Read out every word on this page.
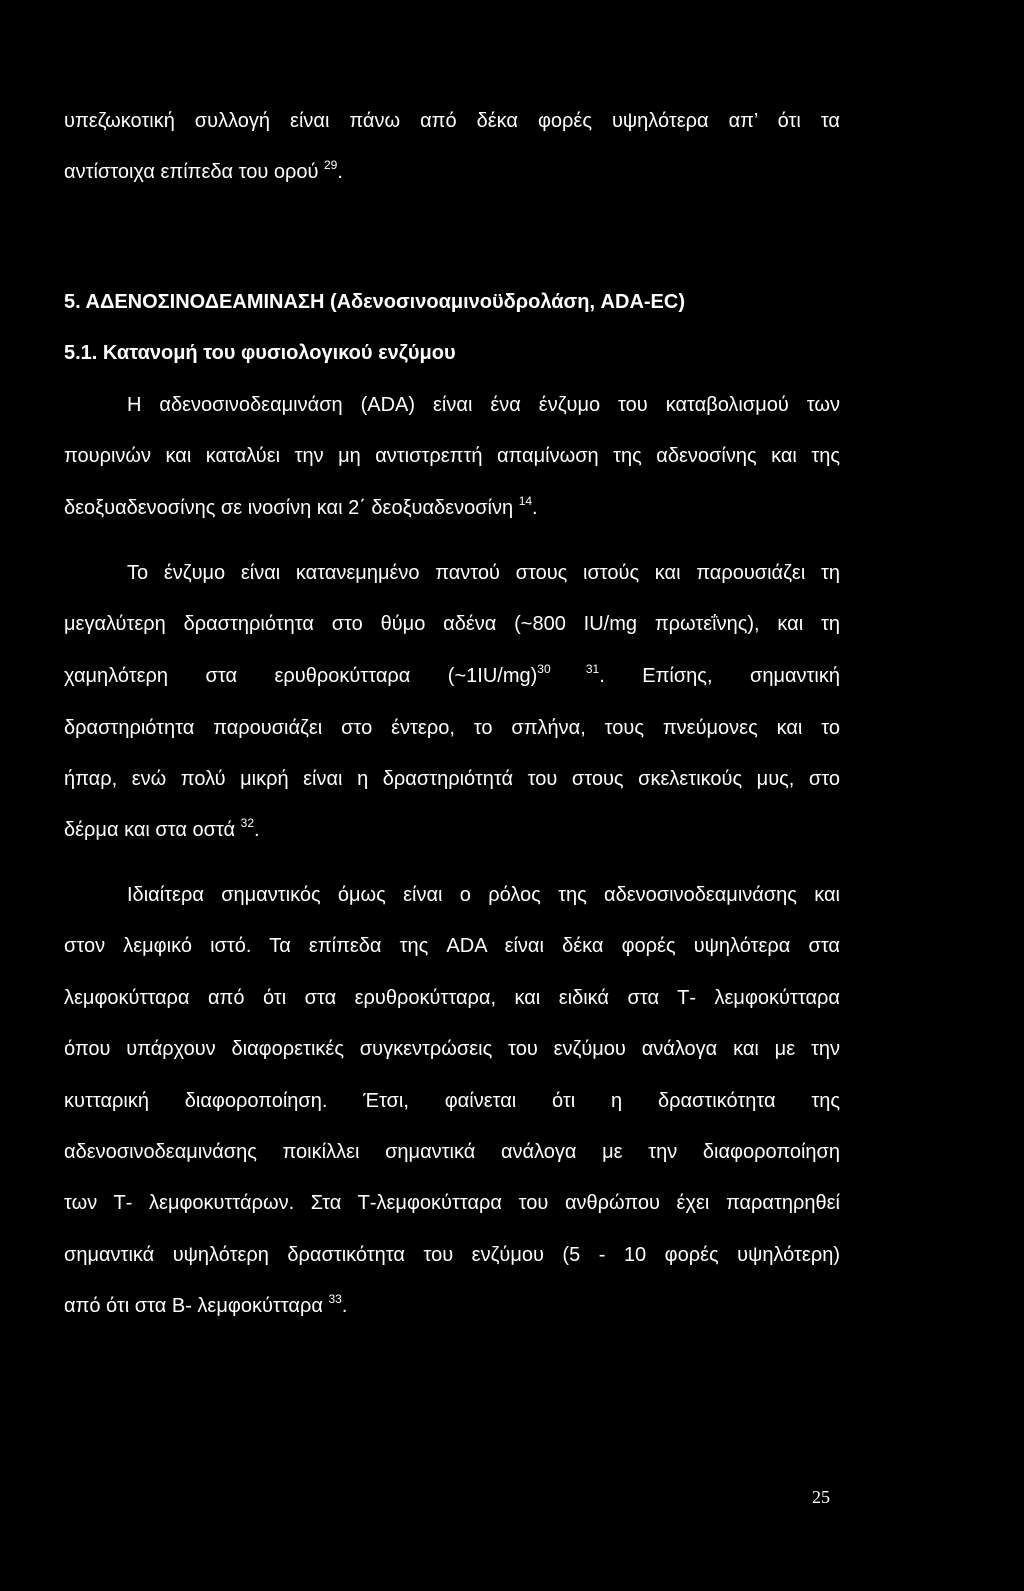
υπεζωκοτική συλλογή είναι πάνω από δέκα φορές υψηλότερα απ’ ότι τα
αντίστοιχα επίπεδα του ορού $^{29}$.
5. ΑΔΕΝΟΣΙΝΟΔΕΑΜΙΝΑΣΗ (Αδενοσινοαμινοϋδρολάση, ADA-EC)
5.1. Κατανομή του φυσιολογικού ενζύμου
Η αδενοσινοδεαμινάση (ADA) είναι ένα ένζυμο του καταβολισμού των
πουρινών και καταλύει την μη αντιστρεπτή απαμίνωση της αδενοσίνης και της
δεοξυαδενοσίνης σε ινοσίνη και 2΄ δεοξυαδενοσίνη $^{14}$.
Το ένζυμο είναι κατανεμημένο παντού στους ιστούς και παρουσιάζει τη
μεγαλύτερη δραστηριότητα στο θύμο αδένα (~800 IU/mg πρωτεΐνης), και τη
χαμηλότερη στα ερυθροκύτταρα (~1IU/mg)$^{30 31}$. Επίσης, σημαντική
δραστηριότητα παρουσιάζει στο έντερο, το σπλήνα, τους πνεύμονες και το
ήπαρ, ενώ πολύ μικρή είναι η δραστηριότητά του στους σκελετικούς μυς, στο
δέρμα και στα οστά $^{32}$.
Ιδιαίτερα σημαντικός όμως είναι ο ρόλος της αδενοσινοδεαμινάσης και
στον λεμφικό ιστό. Τα επίπεδα της ADA είναι δέκα φορές υψηλότερα στα
λεμφοκύτταρα από ότι στα ερυθροκύτταρα, και ειδικά στα Τ- λεμφοκύτταρα
όπου υπάρχουν διαφορετικές συγκεντρώσεις του ενζύμου ανάλογα και με την
κυτταρική διαφοροποίηση. Έτσι, φαίνεται ότι η δραστικότητα της
αδενοσινοδεαμινάσης ποικίλλει σημαντικά ανάλογα με την διαφοροποίηση
των Τ- λεμφοκυττάρων. Στα Τ-λεμφοκύτταρα του ανθρώπου έχει παρατηρηθεί
σημαντικά υψηλότερη δραστικότητα του ενζύμου (5 - 10 φορές υψηλότερη)
από ότι στα Β- λεμφοκύτταρα $^{33}$.
25
